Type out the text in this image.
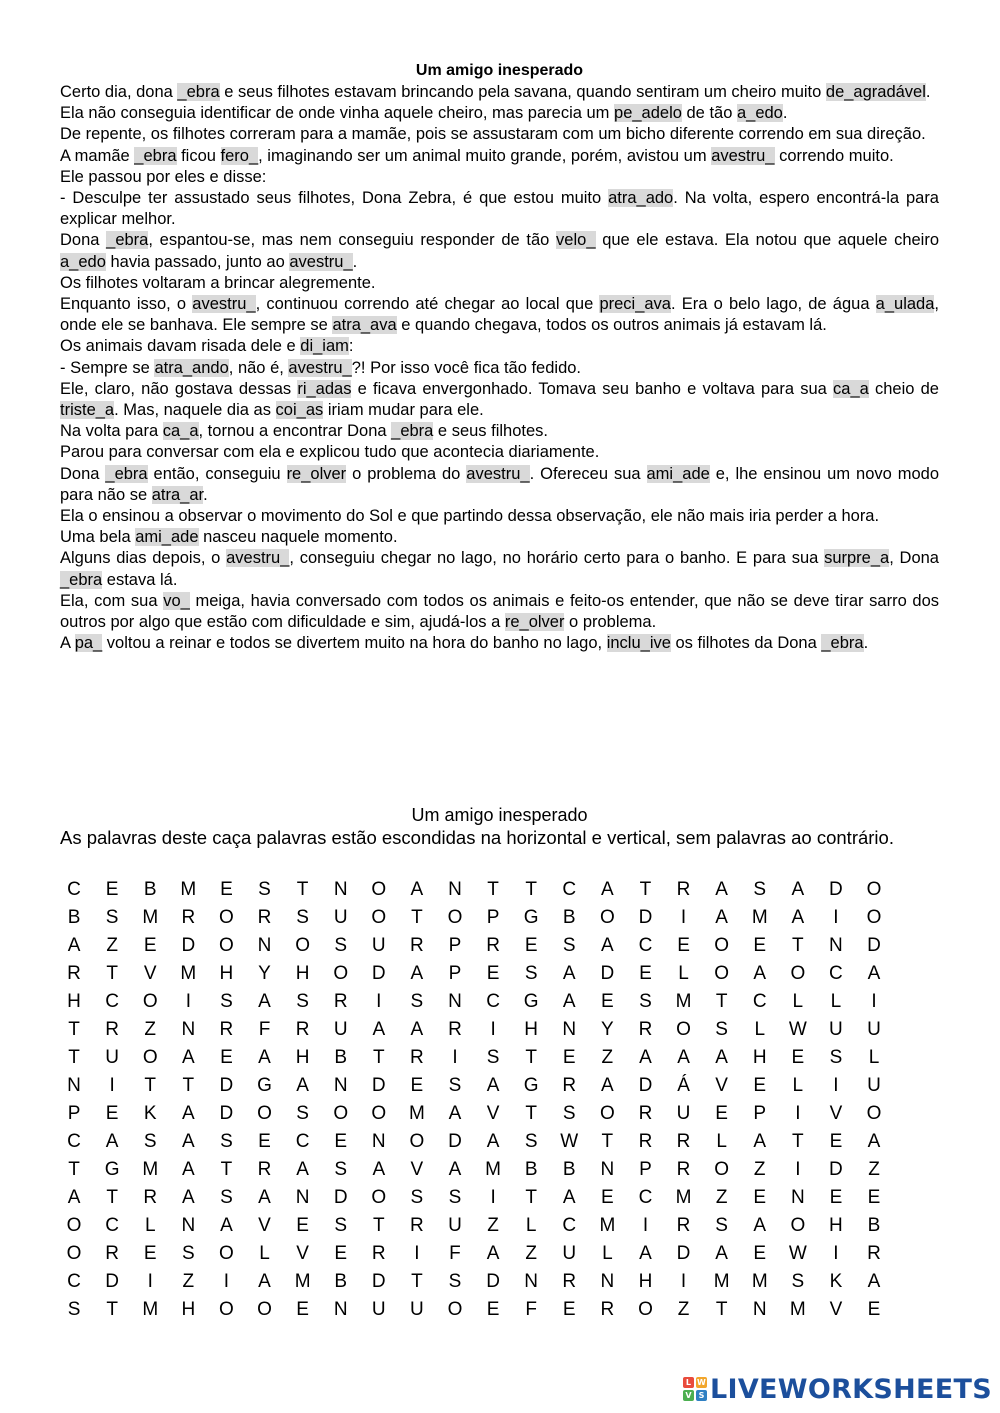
Um amigo inesperado

Certo dia, dona _ebra e seus filhotes estavam brincando pela savana, quando sentiram um cheiro muito de_agradável.

Ela não conseguia identificar de onde vinha aquele cheiro, mas parecia um pe_adelo de tão a_edo.

De repente, os filhotes correram para a mamãe, pois se assustaram com um bicho diferente correndo em sua direção.

A mamãe _ebra ficou fero_, imaginando ser um animal muito grande, porém, avistou um avestru_ correndo muito.

Ele passou por eles e disse:

- Desculpe ter assustado seus filhotes, Dona Zebra, é que estou muito atra_ado. Na volta, espero encontrá-la para explicar melhor.

Dona _ebra, espantou-se, mas nem conseguiu responder de tão velo_ que ele estava. Ela notou que aquele cheiro a_edo havia passado, junto ao avestru_.

Os filhotes voltaram a brincar alegremente.

Enquanto isso, o avestru_, continuou correndo até chegar ao local que preci_ava. Era o belo lago, de água a_ulada, onde ele se banhava. Ele sempre se atra_ava e quando chegava, todos os outros animais já estavam lá.

Os animais davam risada dele e di_iam:

- Sempre se atra_ando, não é, avestru_?! Por isso você fica tão fedido.

Ele, claro, não gostava dessas ri_adas e ficava envergonhado. Tomava seu banho e voltava para sua ca_a cheio de triste_a. Mas, naquele dia as coi_as iriam mudar para ele.

Na volta para ca_a, tornou a encontrar Dona _ebra e seus filhotes.

Parou para conversar com ela e explicou tudo que acontecia diariamente.

Dona _ebra então, conseguiu re_olver o problema do avestru_. Ofereceu sua ami_ade e, lhe ensinou um novo modo para não se atra_ar.

Ela o ensinou a observar o movimento do Sol e que partindo dessa observação, ele não mais iria perder a hora.

Uma bela ami_ade nasceu naquele momento.

Alguns dias depois, o avestru_, conseguiu chegar no lago, no horário certo para o banho. E para sua surpre_a, Dona _ebra estava lá.

Ela, com sua vo_ meiga, havia conversado com todos os animais e feito-os entender, que não se deve tirar sarro dos outros por algo que estão com dificuldade e sim, ajudá-los a re_olver o problema.

A pa_ voltou a reinar e todos se divertem muito na hora do banho no lago, inclu_ive os filhotes da Dona _ebra.

Um amigo inesperado
As palavras deste caça palavras estão escondidas na horizontal e vertical, sem palavras ao contrário.
C	E	B	M	E	S	T	N	O	A	N	T	T	C	A	T	R	A	S	A	D	O
B	S	M	R	O	R	S	U	O	T	O	P	G	B	O	D	I	A	M	A	I	O
A	Z	E	D	O	N	O	S	U	R	P	R	E	S	A	C	E	O	E	T	N	D
R	T	V	M	H	Y	H	O	D	A	P	E	S	A	D	E	L	O	A	O	C	A
H	C	O	I	S	A	S	R	I	S	N	C	G	A	E	S	M	T	C	L	L	I
T	R	Z	N	R	F	R	U	A	A	R	I	H	N	Y	R	O	S	L	W	U	U
T	U	O	A	E	A	H	B	T	R	I	S	T	E	Z	A	A	A	H	E	S	L
N	I	T	T	D	G	A	N	D	E	S	A	G	R	A	D	Á	V	E	L	I	U
P	E	K	A	D	O	S	O	O	M	A	V	T	S	O	R	U	E	P	I	V	O
C	A	S	A	S	E	C	E	N	O	D	A	S	W	T	R	R	L	A	T	E	A
T	G	M	A	T	R	A	S	A	V	A	M	B	B	N	P	R	O	Z	I	D	Z
A	T	R	A	S	A	N	D	O	S	S	I	T	A	E	C	M	Z	E	N	E	E
O	C	L	N	A	V	E	S	T	R	U	Z	L	C	M	I	R	S	A	O	H	B
O	R	E	S	O	L	V	E	R	I	F	A	Z	U	L	A	D	A	E	W	I	R
C	D	I	Z	I	A	M	B	D	T	S	D	N	R	N	H	I	M	M	S	K	A
S	T	M	H	O	O	E	N	U	U	O	E	F	E	R	O	Z	T	N	M	V	E
L W
V S LIVEWORKSHEETS
